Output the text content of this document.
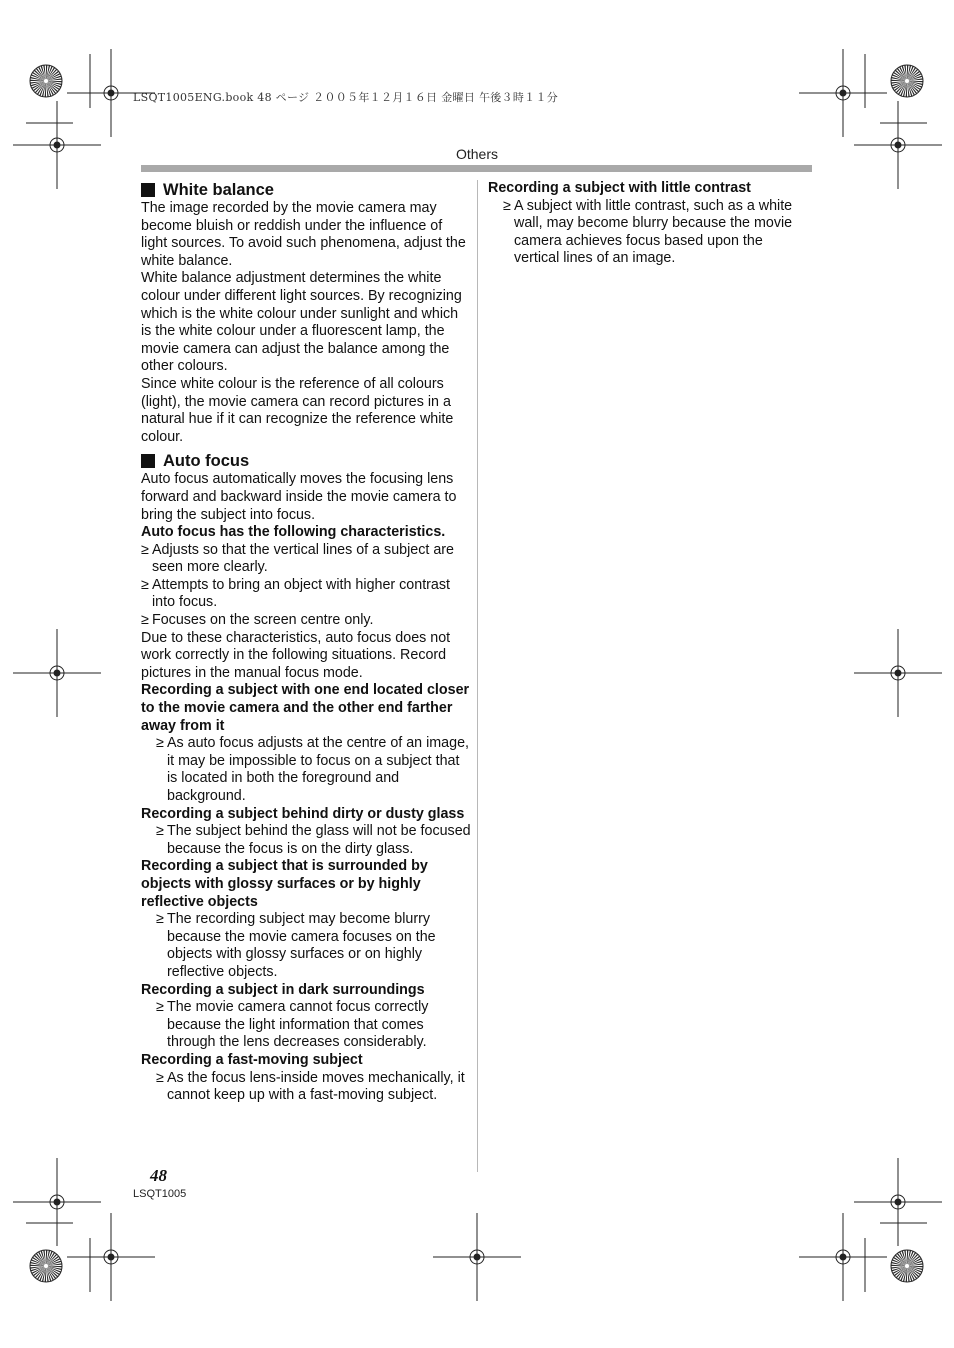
LSQT1005ENG.book 48 ページ ２００５年１２月１６日 金曜日 午後３時１１分
Others
White balance

The image recorded by the movie camera may become bluish or reddish under the influence of light sources. To avoid such phenomena, adjust the white balance.

White balance adjustment determines the white colour under different light sources. By recognizing which is the white colour under sunlight and which is the white colour under a fluorescent lamp, the movie camera can adjust the balance among the other colours.

Since white colour is the reference of all colours (light), the movie camera can record pictures in a natural hue if it can recognize the reference white colour.

Auto focus

Auto focus automatically moves the focusing lens forward and backward inside the movie camera to bring the subject into focus.

Auto focus has the following characteristics.

≥ Adjusts so that the vertical lines of a subject are seen more clearly.

≥ Attempts to bring an object with higher contrast into focus.

≥ Focuses on the screen centre only.

Due to these characteristics, auto focus does not work correctly in the following situations. Record pictures in the manual focus mode.

Recording a subject with one end located closer to the movie camera and the other end farther away from it

≥ As auto focus adjusts at the centre of an image, it may be impossible to focus on a subject that is located in both the foreground and background.

Recording a subject behind dirty or dusty glass

≥ The subject behind the glass will not be focused because the focus is on the dirty glass.

Recording a subject that is surrounded by objects with glossy surfaces or by highly reflective objects

≥ The recording subject may become blurry because the movie camera focuses on the objects with glossy surfaces or on highly reflective objects.

Recording a subject in dark surroundings

≥ The movie camera cannot focus correctly because the light information that comes through the lens decreases considerably.

Recording a fast-moving subject

≥ As the focus lens-inside moves mechanically, it cannot keep up with a fast-moving subject.

Recording a subject with little contrast

≥ A subject with little contrast, such as a white wall, may become blurry because the movie camera achieves focus based upon the vertical lines of an image.

48
LSQT1005
